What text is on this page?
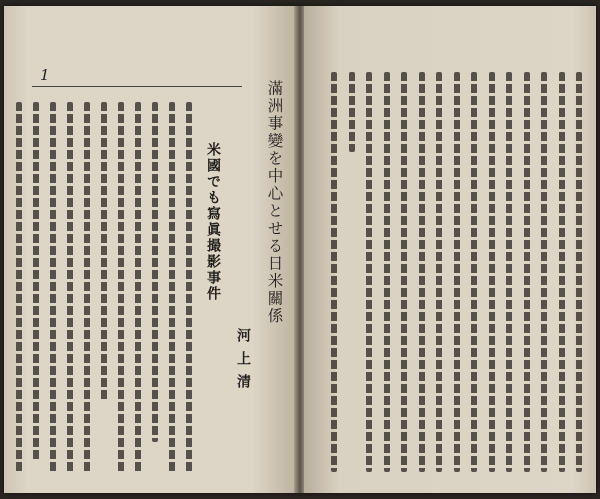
1
滿洲事變を中心とせる日米關係
米國でも寫眞撮影事件
河上清
